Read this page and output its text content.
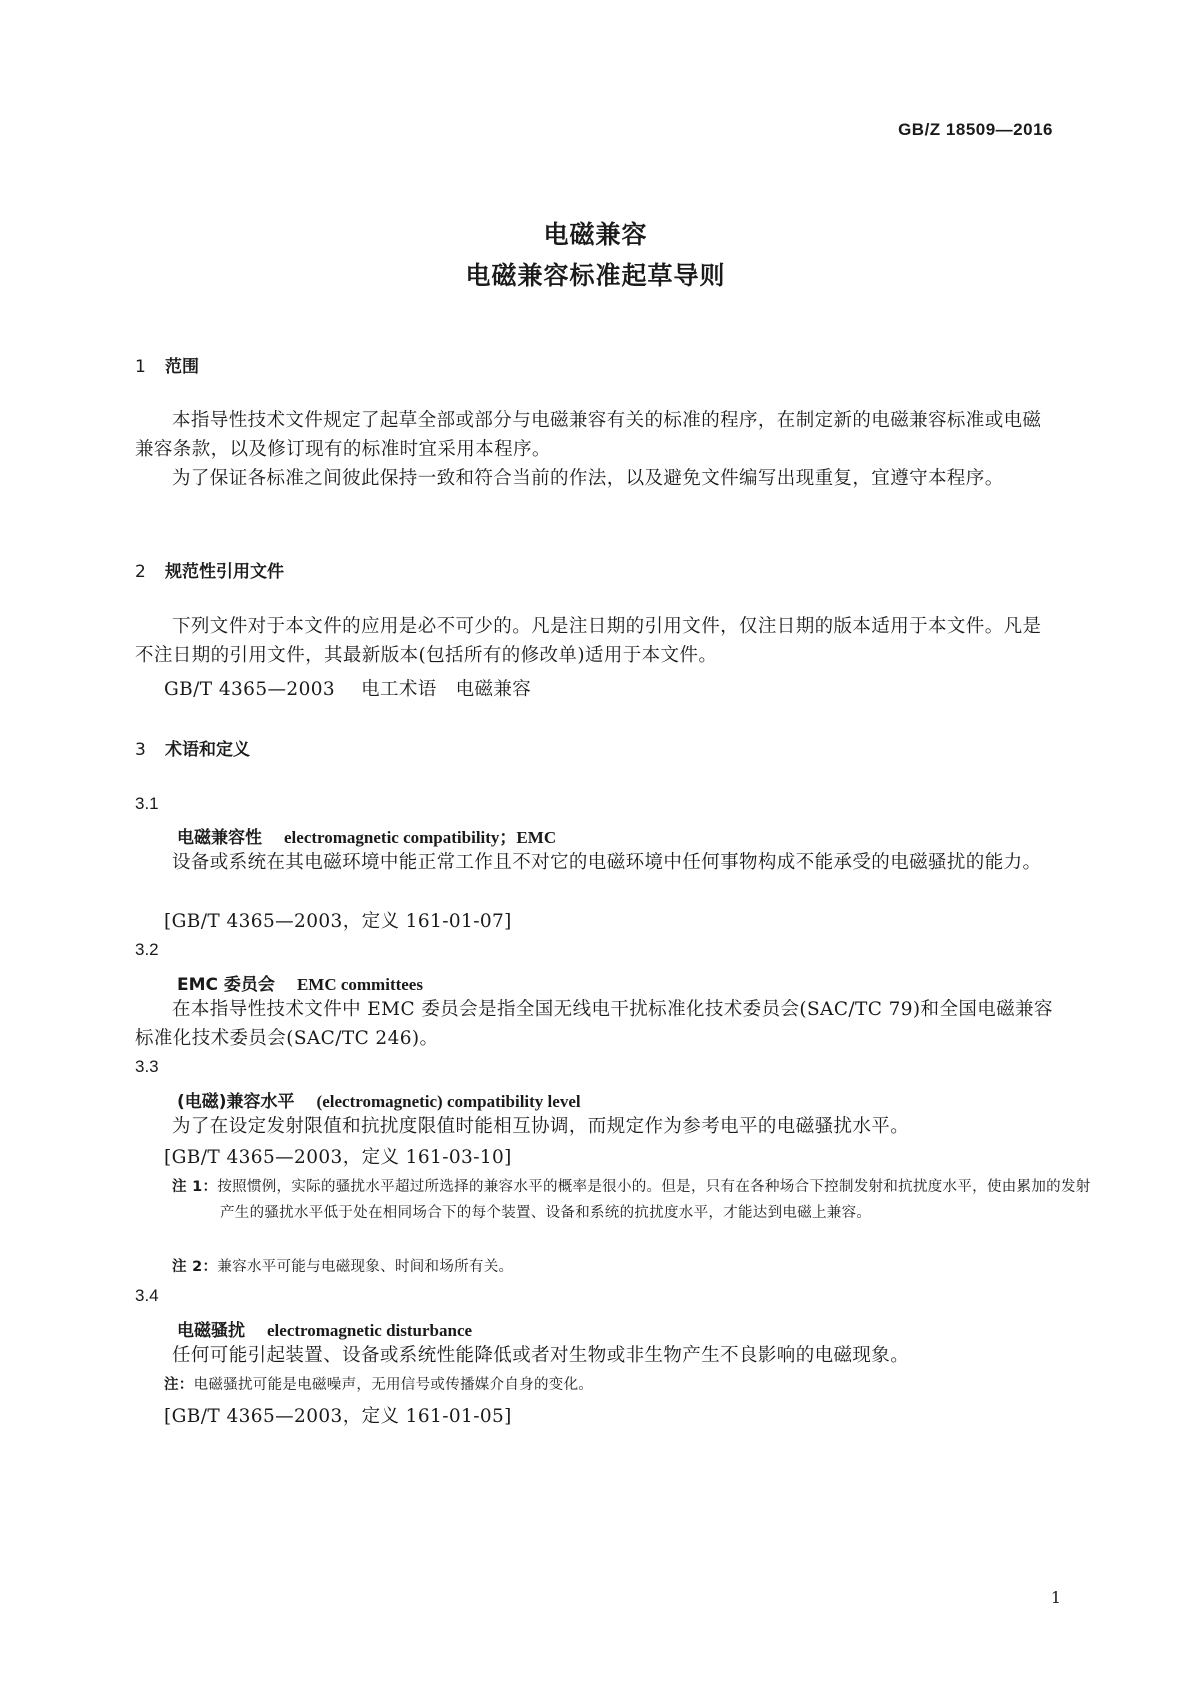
GB/Z 18509—2016
电磁兼容
电磁兼容标准起草导则
1 范围
本指导性技术文件规定了起草全部或部分与电磁兼容有关的标准的程序，在制定新的电磁兼容标准或电磁兼容条款，以及修订现有的标准时宜采用本程序。
为了保证各标准之间彼此保持一致和符合当前的作法，以及避免文件编写出现重复，宜遵守本程序。
2 规范性引用文件
下列文件对于本文件的应用是必不可少的。凡是注日期的引用文件，仅注日期的版本适用于本文件。凡是不注日期的引用文件，其最新版本(包括所有的修改单)适用于本文件。
GB/T 4365—2003 电工术语　电磁兼容
3 术语和定义
3.1
电磁兼容性 electromagnetic compatibility；EMC
设备或系统在其电磁环境中能正常工作且不对它的电磁环境中任何事物构成不能承受的电磁骚扰的能力。
[GB/T 4365—2003，定义 161-01-07]
3.2
EMC 委员会 EMC committees
在本指导性技术文件中 EMC 委员会是指全国无线电干扰标准化技术委员会(SAC/TC 79)和全国电磁兼容标准化技术委员会(SAC/TC 246)。
3.3
(电磁)兼容水平 (electromagnetic) compatibility level
为了在设定发射限值和抗扰度限值时能相互协调，而规定作为参考电平的电磁骚扰水平。
[GB/T 4365—2003，定义 161-03-10]
注 1：按照惯例，实际的骚扰水平超过所选择的兼容水平的概率是很小的。但是，只有在各种场合下控制发射和抗扰度水平，使由累加的发射产生的骚扰水平低于处在相同场合下的每个装置、设备和系统的抗扰度水平，才能达到电磁上兼容。
注 2：兼容水平可能与电磁现象、时间和场所有关。
3.4
电磁骚扰 electromagnetic disturbance
任何可能引起装置、设备或系统性能降低或者对生物或非生物产生不良影响的电磁现象。
注：电磁骚扰可能是电磁噪声，无用信号或传播媒介自身的变化。
[GB/T 4365—2003，定义 161-01-05]
1
